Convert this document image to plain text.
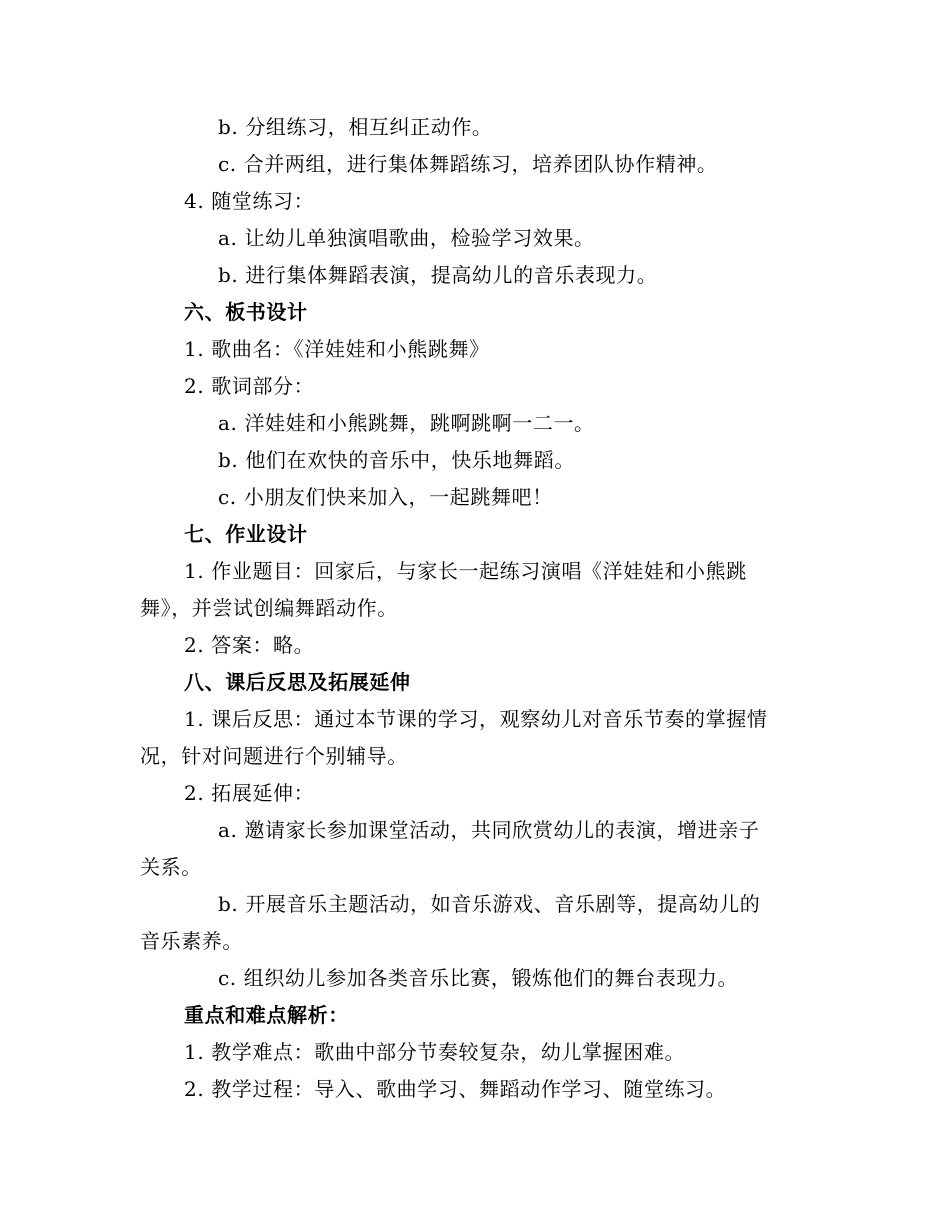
b. 分组练习，相互纠正动作。
c. 合并两组，进行集体舞蹈练习，培养团队协作精神。
4. 随堂练习：
a. 让幼儿单独演唱歌曲，检验学习效果。
b. 进行集体舞蹈表演，提高幼儿的音乐表现力。
六、板书设计
1. 歌曲名：《洋娃娃和小熊跳舞》
2. 歌词部分：
a. 洋娃娃和小熊跳舞，跳啊跳啊一二一。
b. 他们在欢快的音乐中，快乐地舞蹈。
c. 小朋友们快来加入，一起跳舞吧！
七、作业设计
1. 作业题目：回家后，与家长一起练习演唱《洋娃娃和小熊跳
舞》，并尝试创编舞蹈动作。
2. 答案：略。
八、课后反思及拓展延伸
1. 课后反思：通过本节课的学习，观察幼儿对音乐节奏的掌握情
况，针对问题进行个别辅导。
2. 拓展延伸：
a. 邀请家长参加课堂活动，共同欣赏幼儿的表演，增进亲子
关系。
b. 开展音乐主题活动，如音乐游戏、音乐剧等，提高幼儿的
音乐素养。
c. 组织幼儿参加各类音乐比赛，锻炼他们的舞台表现力。
重点和难点解析：
1. 教学难点：歌曲中部分节奏较复杂，幼儿掌握困难。
2. 教学过程：导入、歌曲学习、舞蹈动作学习、随堂练习。
